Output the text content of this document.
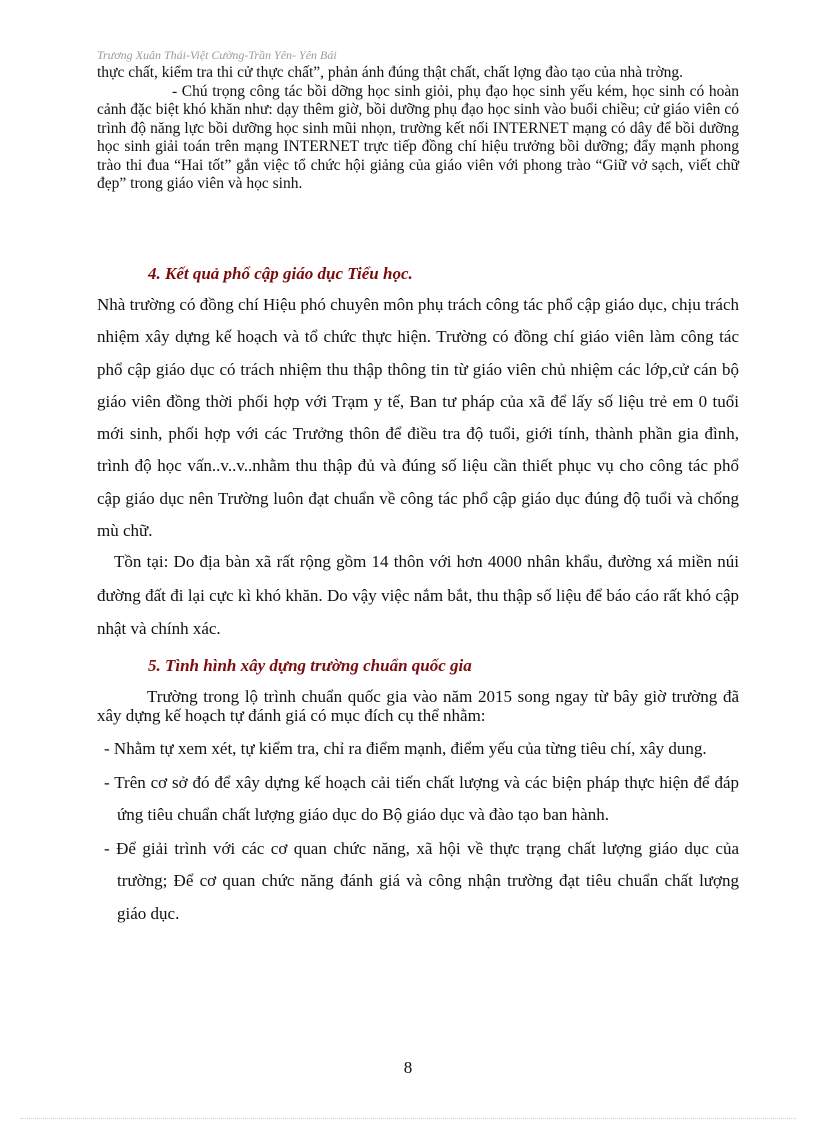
Trương Xuân Thái-Việt Cường-Trần Yên- Yên Bái

thực chất, kiểm tra thi cử thực chất”, phản ánh đúng thật chất, chất lợng đào tạo của nhà trờng.

- Chú trọng công tác bồi dỡng học sinh giỏi, phụ đạo học sinh yếu kém, học sinh có hoàn cảnh đặc biệt khó khăn như: dạy thêm giờ, bồi dưỡng phụ đạo học sinh vào buổi chiều; cử giáo viên có trình độ năng lực bồi dưỡng học sinh mũi nhọn, trường kết nối INTERNET mạng có dây để bồi dưỡng học sinh giải toán trên mạng INTERNET trực tiếp đồng chí hiệu trưởng bồi dưỡng; đẩy mạnh phong trào thi đua “Hai tốt” gắn việc tổ chức hội giảng của giáo viên với phong trào “Giữ vở sạch, viết chữ đẹp” trong giáo viên và học sinh.

4. Kết quả phổ cập giáo dục Tiểu học.

Nhà trường có đồng chí Hiệu phó chuyên môn phụ trách công tác phổ cập giáo dục, chịu trách nhiệm xây dựng kế hoạch và tổ chức thực hiện. Trường có đồng chí giáo viên làm công tác phổ cập giáo dục có trách nhiệm thu thập thông tin từ giáo viên chủ nhiệm các lớp,cử cán bộ giáo viên đồng thời phối hợp với Trạm y tế, Ban tư pháp của xã để lấy số liệu trẻ em 0 tuổi mới sinh, phối hợp với các Trưởng thôn để điều tra độ tuổi, giới tính, thành phần gia đình, trình độ học vấn..v..v..nhằm thu thập đủ và đúng số liệu cần thiết phục vụ cho công tác phổ cập giáo dục nên Trường luôn đạt chuẩn về công tác phổ cập giáo dục đúng độ tuổi và chống mù chữ.

Tồn tại: Do địa bàn xã rất rộng gồm 14 thôn với hơn 4000 nhân khẩu, đường xá miền núi đường đất đi lại cực kì khó khăn. Do vậy việc nắm bắt, thu thập số liệu để báo cáo rất khó cập nhật và chính xác.

5. Tình hình xây dựng trường chuẩn quốc gia

Trường trong lộ trình chuẩn quốc gia vào năm 2015 song ngay từ bây giờ trường đã xây dựng kế hoạch tự đánh giá có mục đích cụ thể nhằm:

- Nhằm tự xem xét, tự kiểm tra, chỉ ra điểm mạnh, điểm yếu của từng tiêu chí, xây dung.

- Trên cơ sở đó để xây dựng kế hoạch cải tiến chất lượng và các biện pháp thực hiện để đáp ứng tiêu chuẩn chất lượng giáo dục do Bộ giáo dục và đào tạo ban hành.

- Để giải trình với các cơ quan chức năng, xã hội về thực trạng chất lượng giáo dục của trường; Để cơ quan chức năng đánh giá và công nhận trường đạt tiêu chuẩn chất lượng giáo dục.

8
